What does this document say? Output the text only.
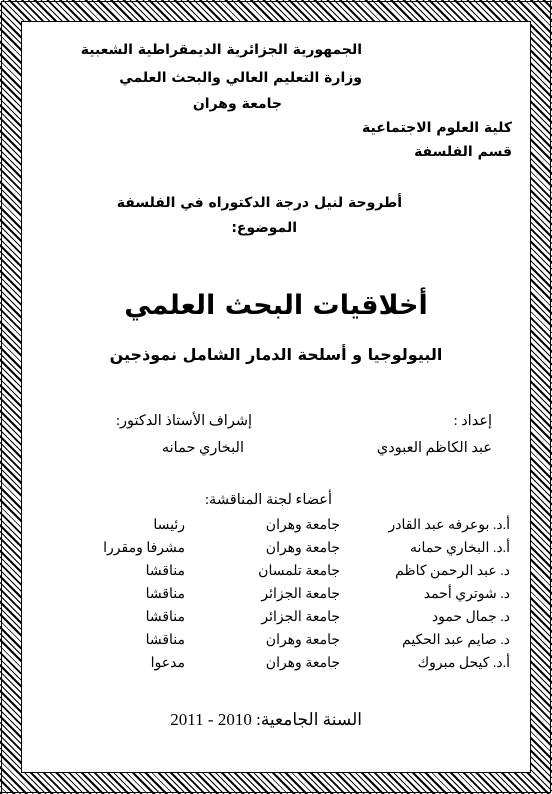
الجمهورية الجزائرية الديمقراطية الشعبية
وزارة التعليم العالي والبحث العلمي
جامعة وهران
كلية العلوم الاجتماعية
قسم الفلسفة
أطروحة لنيل درجة الدكتوراه في الفلسفة
الموضوع:
أخلاقيات البحث العلمي
البيولوجيا و أسلحة الدمار الشامل نموذجين
إعداد :
عبد الكاظم العبودي
إشراف الأستاذ الدكتور:
البخاري حمانه
أعضاء لجنة المناقشة:
أ.د. بوعرفه عبد القادر
جامعة وهران
رئيسا
أ.د. البخاري حمانه
جامعة وهران
مشرفا ومقررا
د. عبد الرحمن كاظم
جامعة تلمسان
مناقشا
د. شوتري أحمد
جامعة الجزائر
مناقشا
د. جمال حمود
جامعة الجزائر
مناقشا
د. صايم عبد الحكيم
جامعة وهران
مناقشا
أ.د. كيحل مبروك
جامعة وهران
مدعوا
السنة الجامعية: 2010 - 2011
